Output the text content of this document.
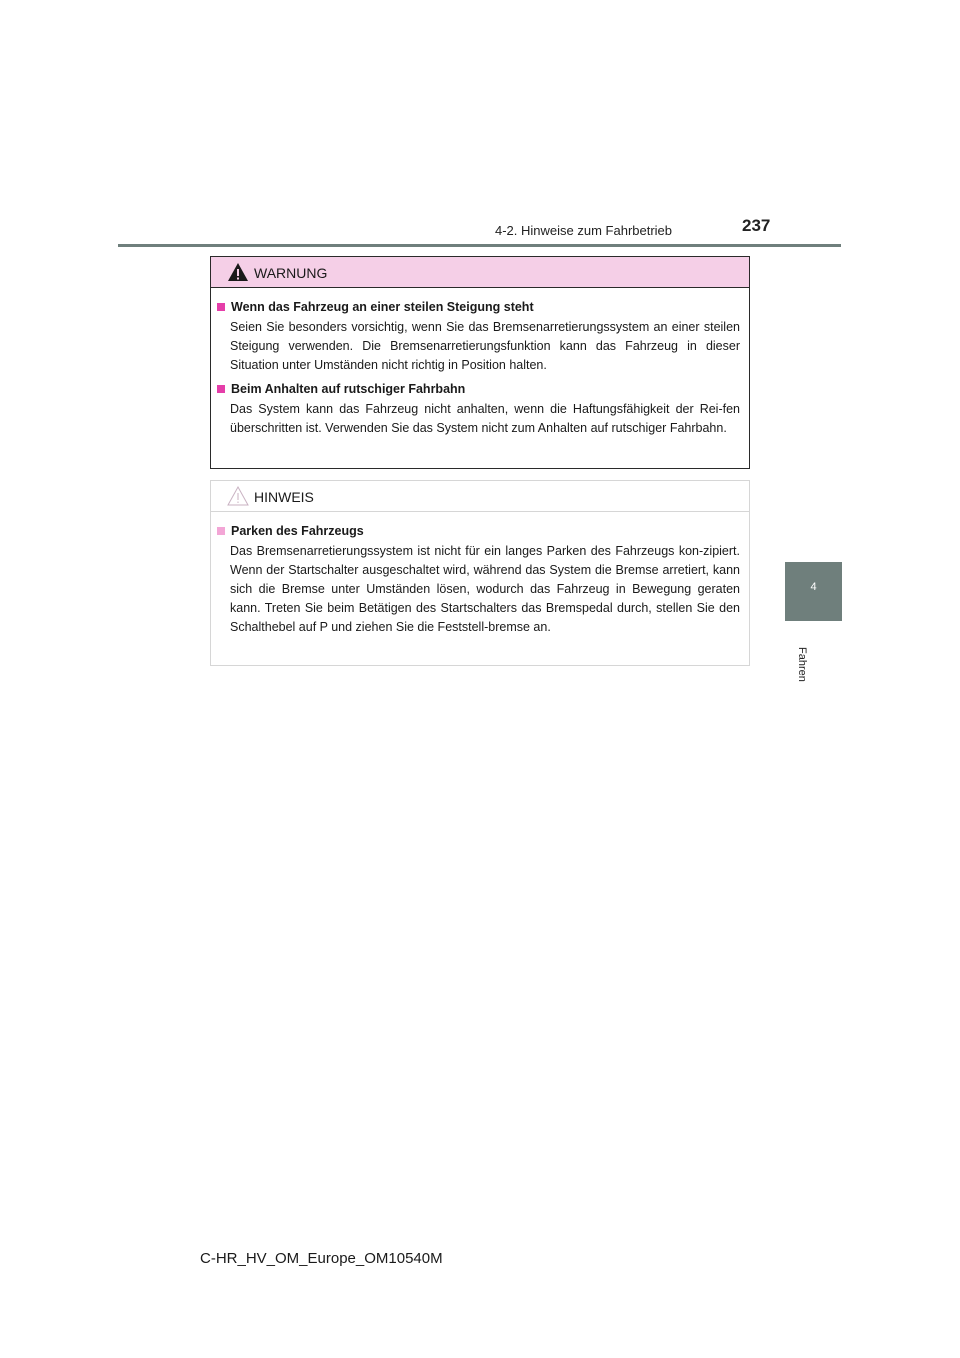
4-2. Hinweise zum Fahrbetrieb	237
4
Fahren
WARNUNG
Wenn das Fahrzeug an einer steilen Steigung steht

Seien Sie besonders vorsichtig, wenn Sie das Bremsenarretierungssystem an einer steilen Steigung verwenden. Die Bremsenarretierungsfunktion kann das Fahrzeug in dieser Situation unter Umständen nicht richtig in Position halten.

Beim Anhalten auf rutschiger Fahrbahn

Das System kann das Fahrzeug nicht anhalten, wenn die Haftungsfähigkeit der Rei-fen überschritten ist. Verwenden Sie das System nicht zum Anhalten auf rutschiger Fahrbahn.

HINWEIS
Parken des Fahrzeugs

Das Bremsenarretierungssystem ist nicht für ein langes Parken des Fahrzeugs kon-zipiert. Wenn der Startschalter ausgeschaltet wird, während das System die Bremse arretiert, kann sich die Bremse unter Umständen lösen, wodurch das Fahrzeug in Bewegung geraten kann. Treten Sie beim Betätigen des Startschalters das Bremspedal durch, stellen Sie den Schalthebel auf P und ziehen Sie die Feststell-bremse an.

C-HR_HV_OM_Europe_OM10540M
